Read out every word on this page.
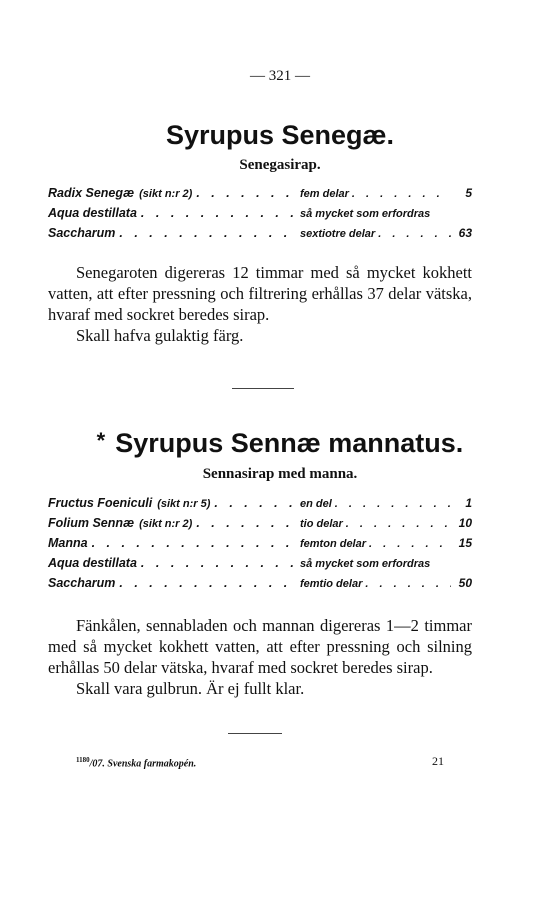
— 321 —
Syrupus Senegæ.
Senegasirap.
Radix Senegæ (sikt n:r 2) . . .	fem delar . . .	5
Aqua destillata . . .	så mycket som erfordras
Saccharum . . .	sextiotre delar . . .	63

Senegaroten digereras 12 timmar med så mycket kokhett vatten, att efter pressning och filtrering erhållas 37 delar vätska, hvaraf med sockret beredes sirap.

Skall hafva gulaktig färg.

* Syrupus Sennæ mannatus.
Sennasirap med manna.
Fructus Foeniculi (sikt n:r 5) . . .	en del . . .	1
Folium Sennæ (sikt n:r 2) . . .	tio delar . . .	10
Manna . . .	femton delar . . .	15
Aqua destillata . . .	så mycket som erfordras
Saccharum . . .	femtio delar . . .	50

Fänkålen, sennabladen och mannan digereras 1—2 timmar med så mycket kokhett vatten, att efter pressning och silning erhållas 50 delar vätska, hvaraf med sockret beredes sirap.

Skall vara gulbrun. Är ej fullt klar.

$^{1180}$/07. Svenska farmakopén.	21
